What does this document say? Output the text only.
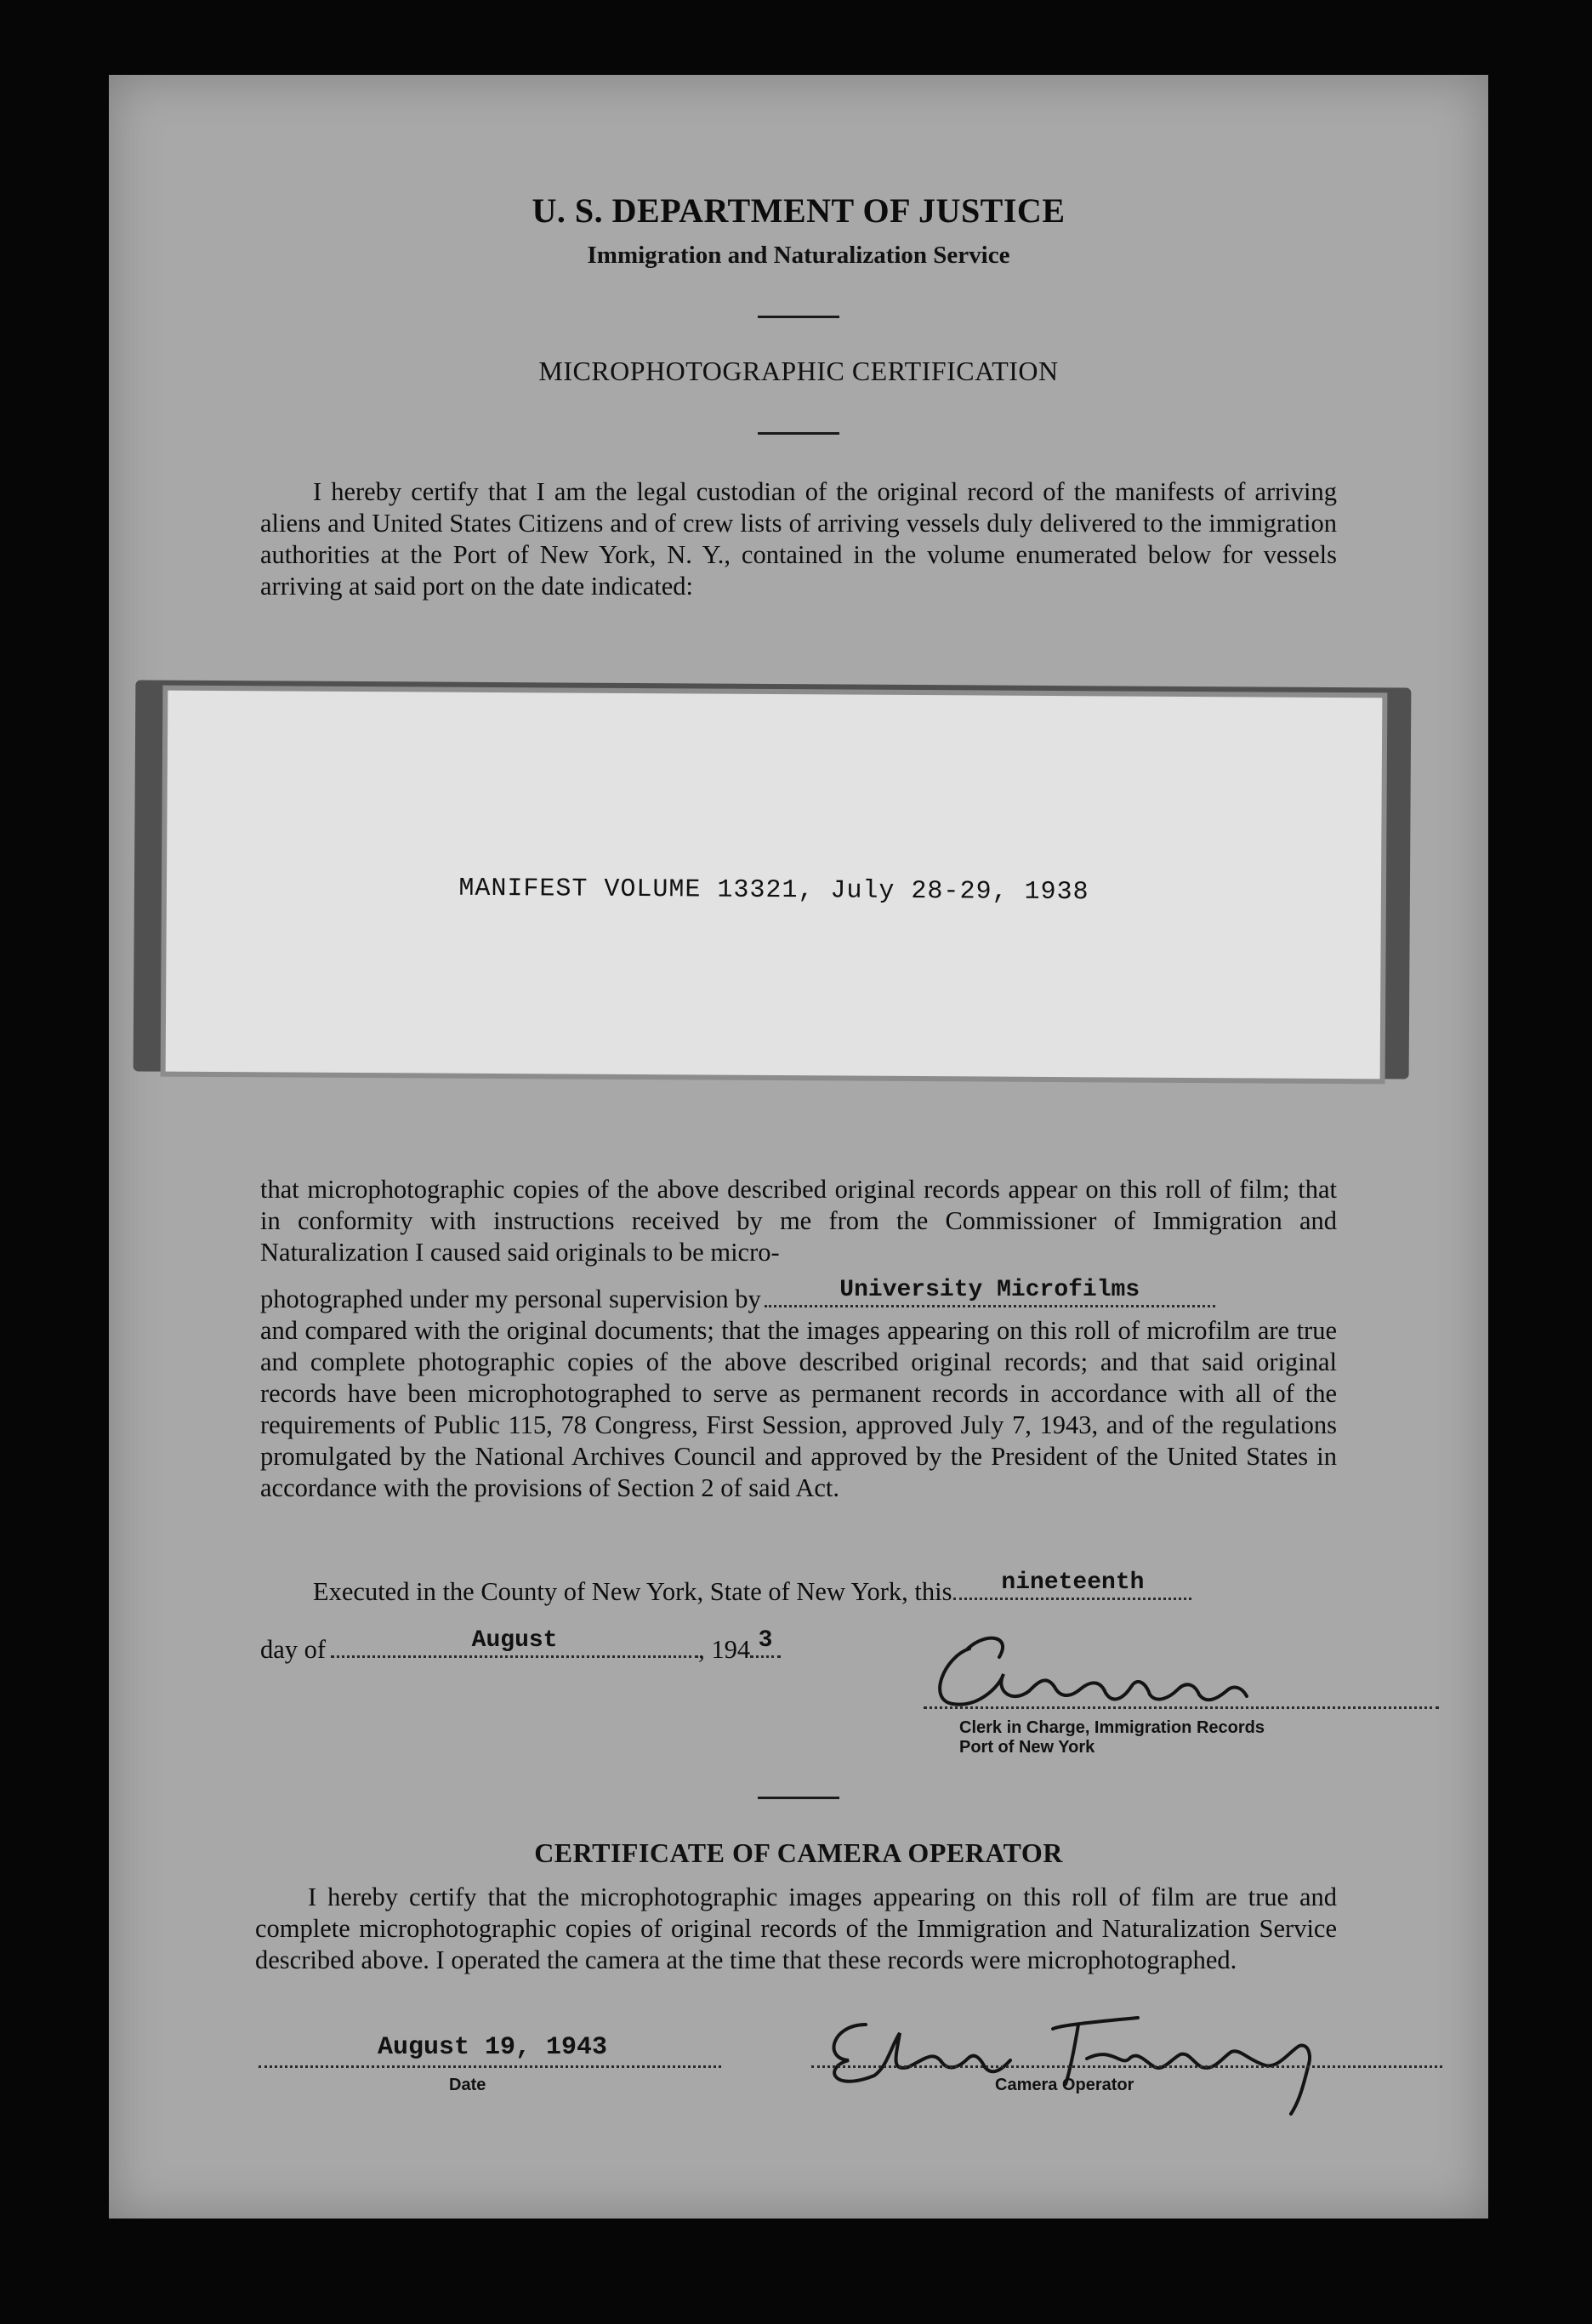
U. S. DEPARTMENT OF JUSTICE
Immigration and Naturalization Service
MICROPHOTOGRAPHIC CERTIFICATION

I hereby certify that I am the legal custodian of the original record of the manifests of arriving aliens and United States Citizens and of crew lists of arriving vessels duly delivered to the immigration authorities at the Port of New York, N. Y., contained in the volume enumerated below for vessels arriving at said port on the date indicated:

MANIFEST VOLUME 13321, July 28-29, 1938

that microphotographic copies of the above described original records appear on this roll of film; that in conformity with instructions received by me from the Commissioner of Immigration and Naturalization I caused said originals to be micro-

photographed under my personal supervision by	University Microfilms

and compared with the original documents; that the images appearing on this roll of microfilm are true and complete photographic copies of the above described original records; and that said original records have been microphotographed to serve as permanent records in accordance with all of the requirements of Public 115, 78 Congress, First Session, approved July 7, 1943, and of the regulations promulgated by the National Archives Council and approved by the President of the United States in accordance with the provisions of Section 2 of said Act.

Executed in the County of New York, State of New York, this	nineteenth
day of	August	, 194 3
Clerk in Charge, Immigration Records
Port of New York
CERTIFICATE OF CAMERA OPERATOR

I hereby certify that the microphotographic images appearing on this roll of film are true and complete microphotographic copies of original records of the Immigration and Naturalization Service described above. I operated the camera at the time that these records were microphotographed.

August 19, 1943
Date	Camera Operator
